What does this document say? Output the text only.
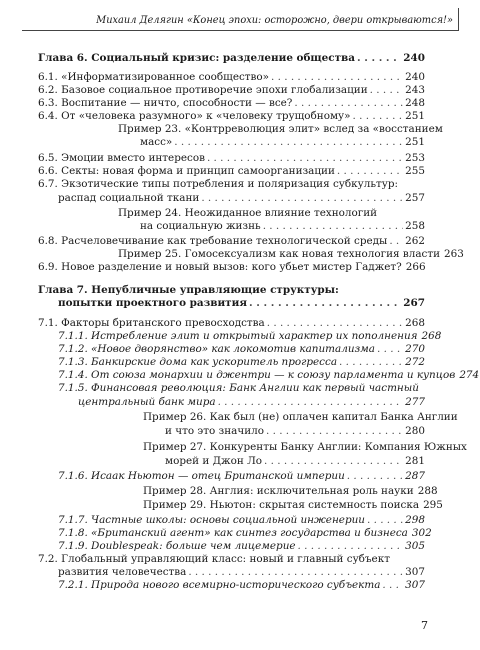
Михаил Делягин «Конец эпохи: осторожно, двери открываются!»
Глава 6. Социальный кризис: разделение общества . . .	240
6.1. «Информатизированное сообщество» . . .	240
6.2. Базовое социальное противоречие эпохи глобализации . . .	243
6.3. Воспитание — ничто, способности — все? . . .	248
6.4. От «человека разумного» к «человеку трущобному» . . .	251
Пример 23. «Контрреволюция элит» вслед за «восстанием
масс» . . .	251
6.5. Эмоции вместо интересов . . .	253
6.6. Секты: новая форма и принцип самоорганизации . . .	255
6.7. Экзотические типы потребления и поляризация субкультур:
распад социальной ткани . . .	257
Пример 24. Неожиданное влияние технологий
на социальную жизнь . . .	258
6.8. Расчеловечивание как требование технологической среды . . . 262
Пример 25. Гомосексуализм как новая технология власти 263
6.9. Новое разделение и новый вызов: кого убьет мистер Гаджет? 266
Глава 7. Непубличные управляющие структуры:
попытки проектного развития . . .	267
7.1. Факторы британского превосходства . . .	268
7.1.1. Истребление элит и открытый характер их пополнения 268
7.1.2. «Новое дворянство» как локомотив капитализма . . .	270
7.1.3. Банкирские дома как ускоритель прогресса . . .	272
7.1.4. От союза монархии и джентри — к союзу парламента и купцов 274
7.1.5. Финансовая революция: Банк Англии как первый частный
центральный банк мира . . .	277
Пример 26. Как был (не) оплачен капитал Банка Англии
и что это значило . . .	280
Пример 27. Конкуренты Банку Англии: Компания Южных
морей и Джон Ло . . .	281
7.1.6. Исаак Ньютон — отец Британской империи . . .	287
Пример 28. Англия: исключительная роль науки 288
Пример 29. Ньютон: скрытая системность поиска 295
7.1.7. Частные школы: основы социальной инженерии . . .	298
7.1.8. «Британский агент» как синтез государства и бизнеса 302
7.1.9. Doublespeak: больше чем лицемерие . . .	305
7.2. Глобальный управляющий класс: новый и главный субъект
развития человечества . . .	307
7.2.1. Природа нового всемирно-исторического субъекта . . . 307
7
